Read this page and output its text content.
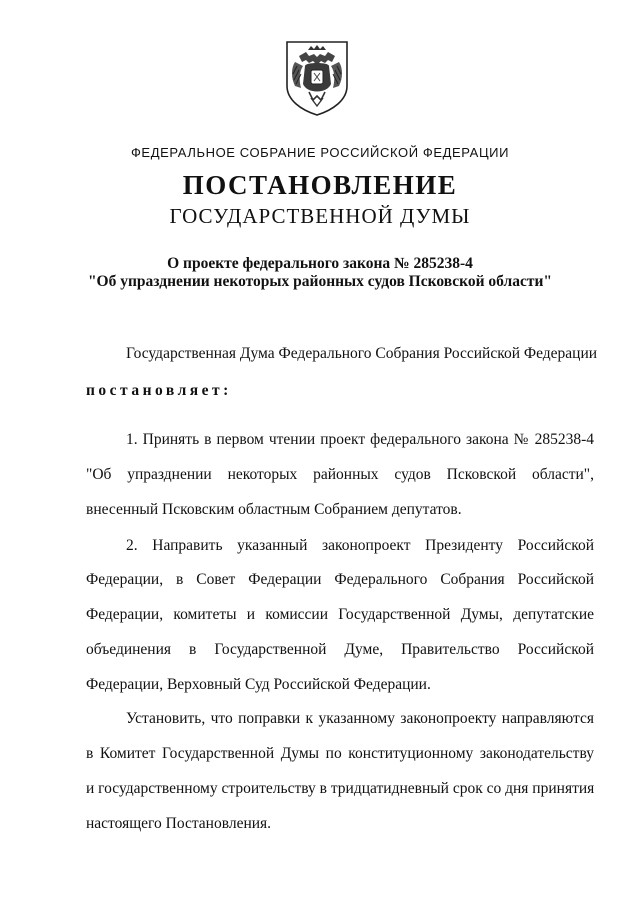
ФЕДЕРАЛЬНОЕ СОБРАНИЕ РОССИЙСКОЙ ФЕДЕРАЦИИ
ПОСТАНОВЛЕНИЕ
ГОСУДАРСТВЕННОЙ ДУМЫ
О проекте федерального закона № 285238-4
"Об упразднении некоторых районных судов Псковской области"
Государственная Дума Федерального Собрания Российской Федерации
постановляет:
1. Принять в первом чтении проект федерального закона № 285238-4
"Об упразднении некоторых районных судов Псковской области",
внесенный Псковским областным Собранием депутатов.
2. Направить указанный законопроект Президенту Российской
Федерации, в Совет Федерации Федерального Собрания Российской
Федерации, комитеты и комиссии Государственной Думы, депутатские
объединения в Государственной Думе, Правительство Российской
Федерации, Верховный Суд Российской Федерации.
Установить, что поправки к указанному законопроекту направляются
в Комитет Государственной Думы по конституционному законодательству
и государственному строительству в тридцатидневный срок со дня принятия
настоящего Постановления.
